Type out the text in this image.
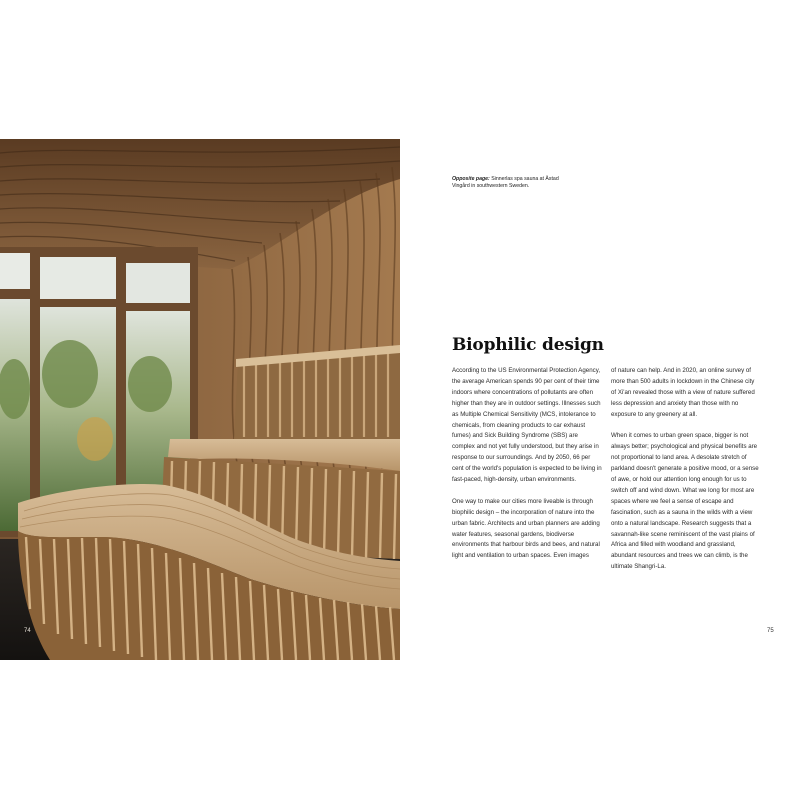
74
Opposite page: Sinnerlas spa sauna at Ästad Vingård in southwestern Sweden.
Biophilic design

According to the US Environmental Protection Agency, the average American spends 90 per cent of their time indoors where concentrations of pollutants are often higher than they are in outdoor settings. Illnesses such as Multiple Chemical Sensitivity (MCS, intolerance to chemicals, from cleaning products to car exhaust fumes) and Sick Building Syndrome (SBS) are complex and not yet fully understood, but they arise in response to our surroundings. And by 2050, 66 per cent of the world's population is expected to be living in fast-paced, high-density, urban environments.

One way to make our cities more liveable is through biophilic design – the incorporation of nature into the urban fabric. Architects and urban planners are adding water features, seasonal gardens, biodiverse environments that harbour birds and bees, and natural light and ventilation to urban spaces. Even images

of nature can help. And in 2020, an online survey of more than 500 adults in lockdown in the Chinese city of Xi'an revealed those with a view of nature suffered less depression and anxiety than those with no exposure to any greenery at all.

When it comes to urban green space, bigger is not always better; psychological and physical benefits are not proportional to land area. A desolate stretch of parkland doesn't generate a positive mood, or a sense of awe, or hold our attention long enough for us to switch off and wind down. What we long for most are spaces where we feel a sense of escape and fascination, such as a sauna in the wilds with a view onto a natural landscape. Research suggests that a savannah-like scene reminiscent of the vast plains of Africa and filled with woodland and grassland, abundant resources and trees we can climb, is the ultimate Shangri-La.

75
